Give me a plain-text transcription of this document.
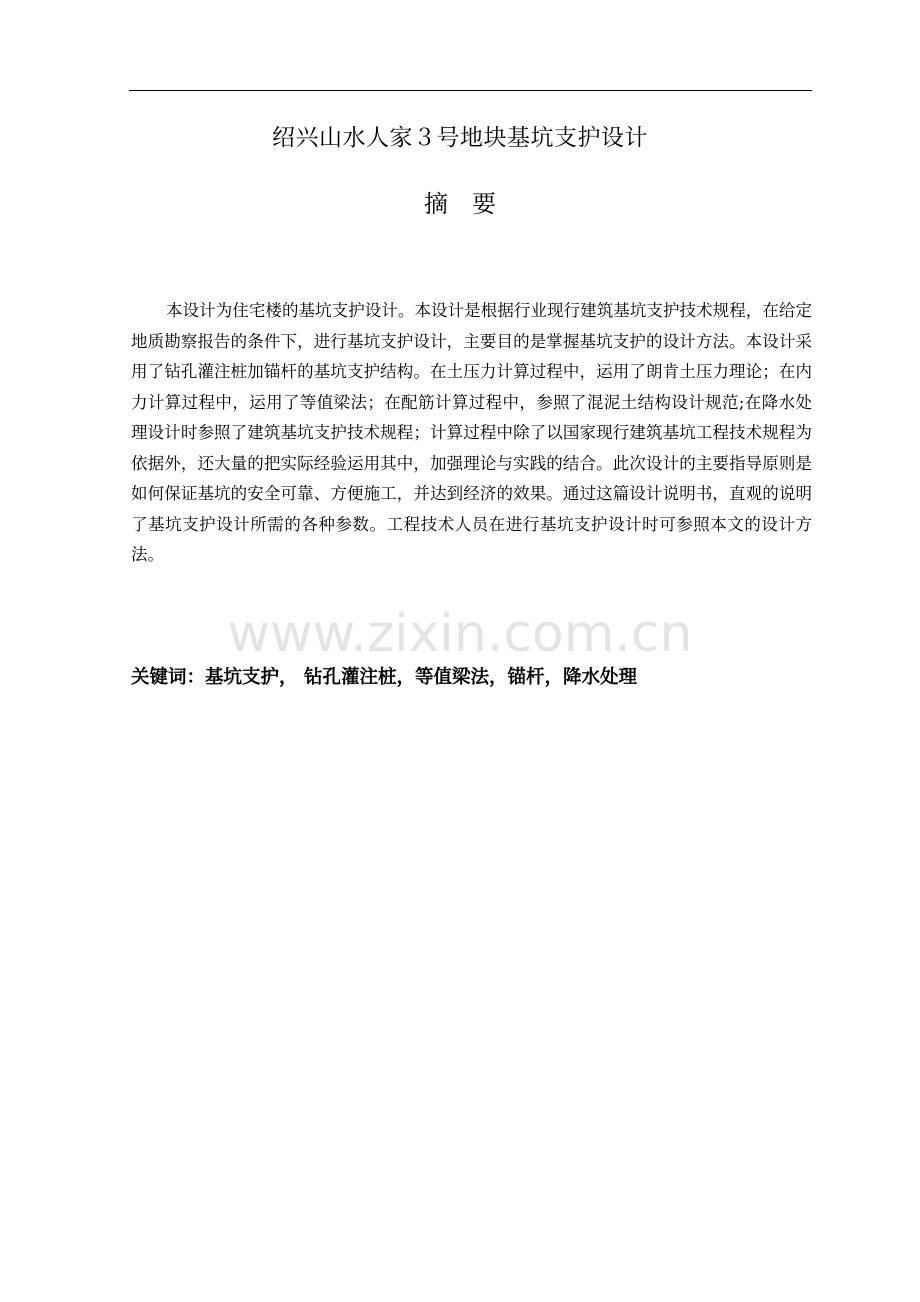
绍兴山水人家３号地块基坑支护设计
摘要

本设计为住宅楼的基坑支护设计。本设计是根据行业现行建筑基坑支护技术规程，在给定地质勘察报告的条件下，进行基坑支护设计，主要目的是掌握基坑支护的设计方法。本设计采用了钻孔灌注桩加锚杆的基坑支护结构。在土压力计算过程中，运用了朗肯土压力理论；在内力计算过程中，运用了等值梁法；在配筋计算过程中，参照了混泥土结构设计规范;在降水处理设计时参照了建筑基坑支护技术规程；计算过程中除了以国家现行建筑基坑工程技术规程为依据外，还大量的把实际经验运用其中，加强理论与实践的结合。此次设计的主要指导原则是如何保证基坑的安全可靠、方便施工，并达到经济的效果。通过这篇设计说明书，直观的说明了基坑支护设计所需的各种参数。工程技术人员在进行基坑支护设计时可参照本文的设计方法。

www.zixin.com.cn
关键词：基坑支护， 钻孔灌注桩，等值梁法，锚杆，降水处理
